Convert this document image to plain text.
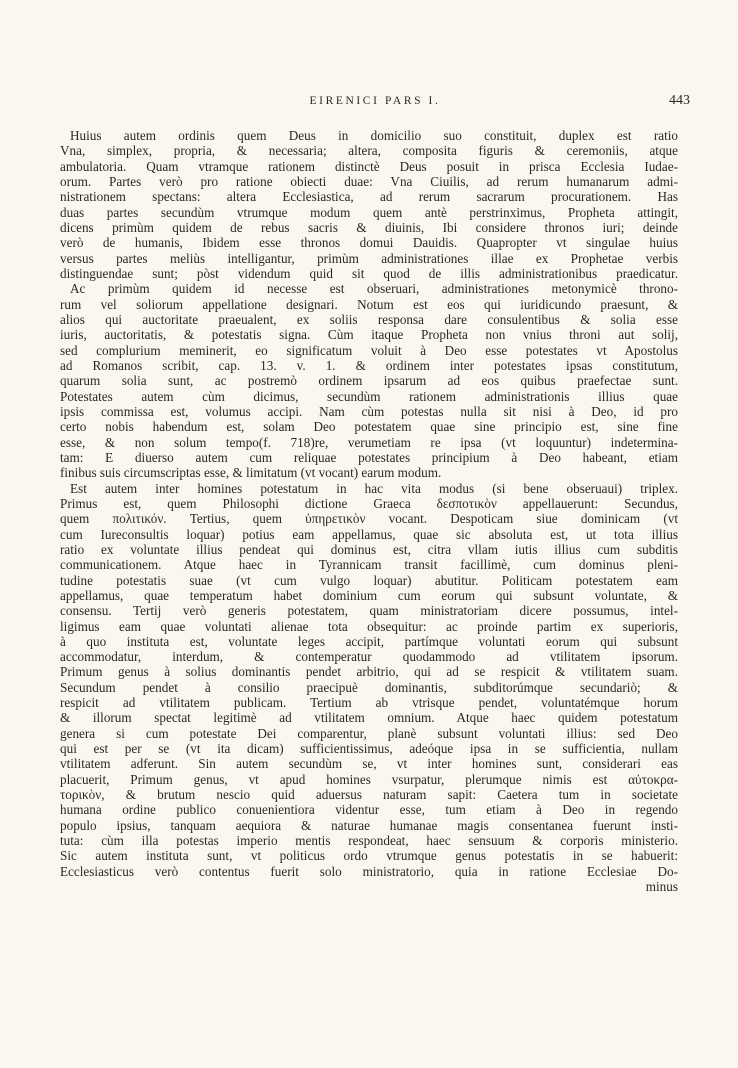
EIRENICI PARS I.	443
Huius autem ordinis quem Deus in domicilio suo constituit, duplex est ratio
Vna, simplex, propria, & necessaria; altera, composita figuris & ceremoniis, atque
ambulatoria. Quam vtramque rationem distinctè Deus posuit in prisca Ecclesia Iudae-
orum. Partes verò pro ratione obiecti duae: Vna Ciuilis, ad rerum humanarum admi-
nistrationem spectans: altera Ecclesiastica, ad rerum sacrarum procurationem. Has
duas partes secundùm vtrumque modum quem antè perstrinximus, Propheta attingit,
dicens primùm quidem de rebus sacris & diuinis, Ibi considere thronos iuri; deinde
verò de humanis, Ibidem esse thronos domui Dauidis. Quapropter vt singulae huius
versus partes meliùs intelligantur, primùm administrationes illae ex Prophetae verbis
distinguendae sunt; pòst videndum quid sit quod de illis administrationibus praedicatur.
Ac primùm quidem id necesse est obseruari, administrationes metonymicè throno-
rum vel soliorum appellatione designari. Notum est eos qui iuridicundo praesunt, &
alios qui auctoritate praeualent, ex soliis responsa dare consulentibus & solia esse
iuris, auctoritatis, & potestatis signa. Cùm itaque Propheta non vnius throni aut solij,
sed complurium meminerit, eo significatum voluit à Deo esse potestates vt Apostolus
ad Romanos scribit, cap. 13. v. 1. & ordinem inter potestates ipsas constitutum,
quarum solia sunt, ac postremò ordinem ipsarum ad eos quibus praefectae sunt.
Potestates autem cùm dicimus, secundùm rationem administrationis illius quae
ipsis commissa est, volumus accipi. Nam cùm potestas nulla sit nisi à Deo, id pro
certo nobis habendum est, solam Deo potestatem quae sine principio est, sine fine
esse, & non solum tempo(f. 718)re, verumetiam re ipsa (vt loquuntur) indetermina-
tam: E diuerso autem cum reliquae potestates principium à Deo habeant, etiam
finibus suis circumscriptas esse, & limitatum (vt vocant) earum modum.
Est autem inter homines potestatum in hac vita modus (si bene obseruaui) triplex.
Primus est, quem Philosophi dictione Graeca δεσποτικὸν appellauerunt: Secundus,
quem πολιτικόν. Tertius, quem ὑπηρετικὸν vocant. Despoticam siue dominicam (vt
cum Iureconsultis loquar) potius eam appellamus, quae sic absoluta est, ut tota illius
ratio ex voluntate illius pendeat qui dominus est, citra vllam iutis illius cum subditis
communicationem. Atque haec in Tyrannicam transit facillimè, cum dominus pleni-
tudine potestatis suae (vt cum vulgo loquar) abutitur. Politicam potestatem eam
appellamus, quae temperatum habet dominium cum eorum qui subsunt voluntate, &
consensu. Tertij verò generis potestatem, quam ministratoriam dicere possumus, intel-
ligimus eam quae voluntati alienae tota obsequitur: ac proinde partim ex superioris,
à quo instituta est, voluntate leges accipit, partímque voluntati eorum qui subsunt
accommodatur, interdum, & contemperatur quodammodo ad vtilitatem ipsorum.
Primum genus à solius dominantis pendet arbitrio, qui ad se respicit & vtilitatem suam.
Secundum pendet à consilio praecipuè dominantis, subditorúmque secundariò; &
respicit ad vtilitatem publicam. Tertium ab vtrisque pendet, voluntatémque horum
& illorum spectat legitimè ad vtilitatem omnium. Atque haec quidem potestatum
genera si cum potestate Dei comparentur, planè subsunt voluntati illius: sed Deo
qui est per se (vt ita dicam) sufficientissimus, adeóque ipsa in se sufficientia, nullam
vtilitatem adferunt. Sin autem secundùm se, vt inter homines sunt, considerari eas
placuerit, Primum genus, vt apud homines vsurpatur, plerumque nimis est αὐτοκρα-
τορικὸν, & brutum nescio quid aduersus naturam sapit: Caetera tum in societate
humana ordine publico conuenientiora videntur esse, tum etiam à Deo in regendo
populo ipsius, tanquam aequiora & naturae humanae magis consentanea fuerunt insti-
tuta: cùm illa potestas imperio mentis respondeat, haec sensuum & corporis ministerio.
Sic autem instituta sunt, vt politicus ordo vtrumque genus potestatis in se habuerit:
Ecclesiasticus verò contentus fuerit solo ministratorio, quia in ratione Ecclesiae Do-
minus
